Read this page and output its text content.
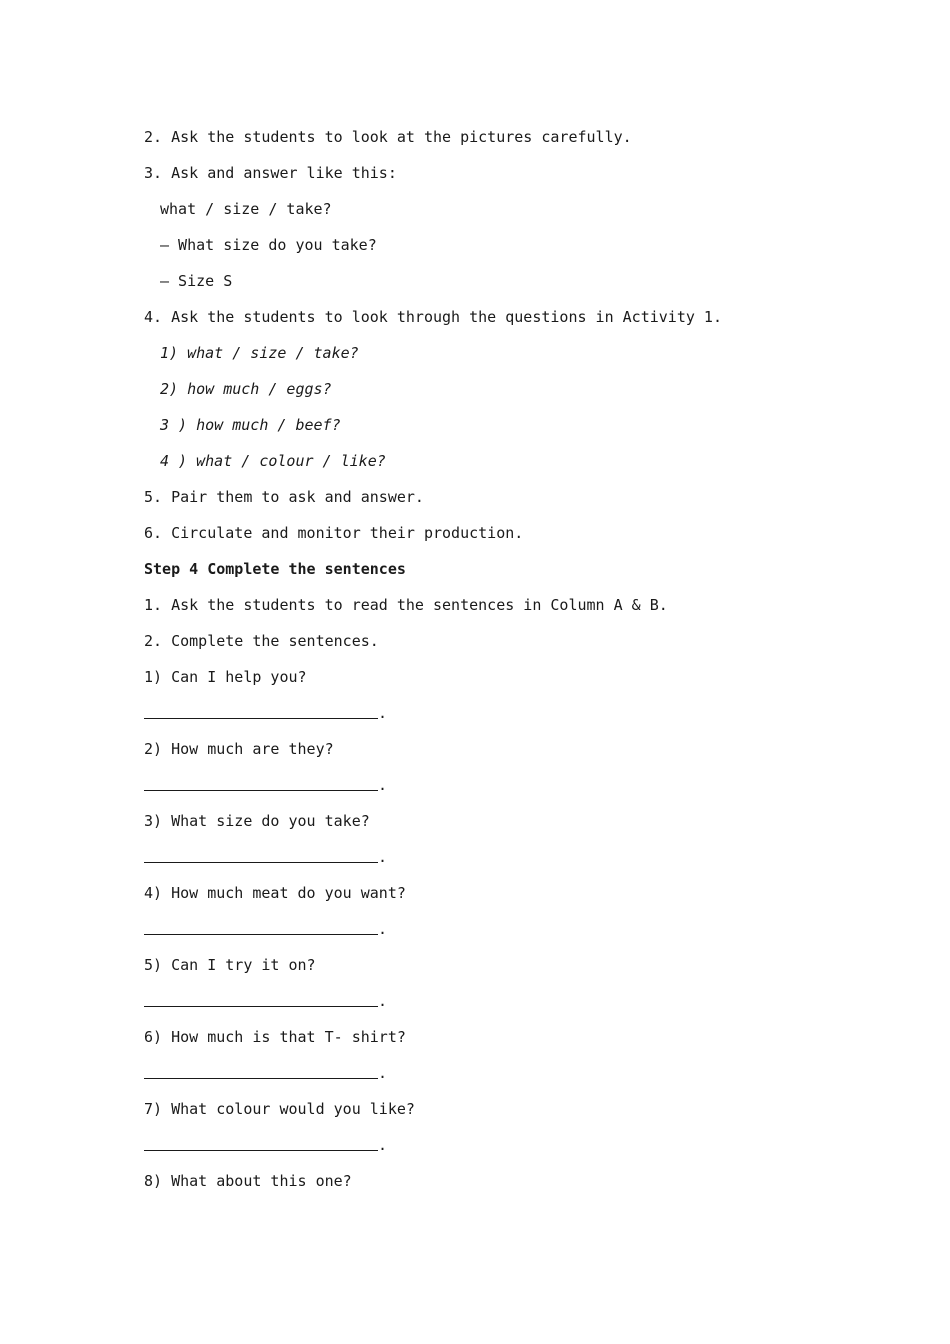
2. Ask the students to look at the pictures carefully.
3. Ask and answer like this:
what / size / take?
— What size do you take?
— Size S
4. Ask the students to look through the questions in Activity 1.
1) what / size / take?
2) how much / eggs?
3 ) how much / beef?
4 ) what / colour / like?
5. Pair them to ask and answer.
6. Circulate and monitor their production.
Step 4 Complete the sentences
1. Ask the students to read the sentences in Column A & B.
2. Complete the sentences.
1) Can I help you?
.
2) How much are they?
.
3) What size do you take?
.
4) How much meat do you want?
.
5) Can I try it on?
.
6) How much is that T- shirt?
.
7) What colour would you like?
.
8) What about this one?
